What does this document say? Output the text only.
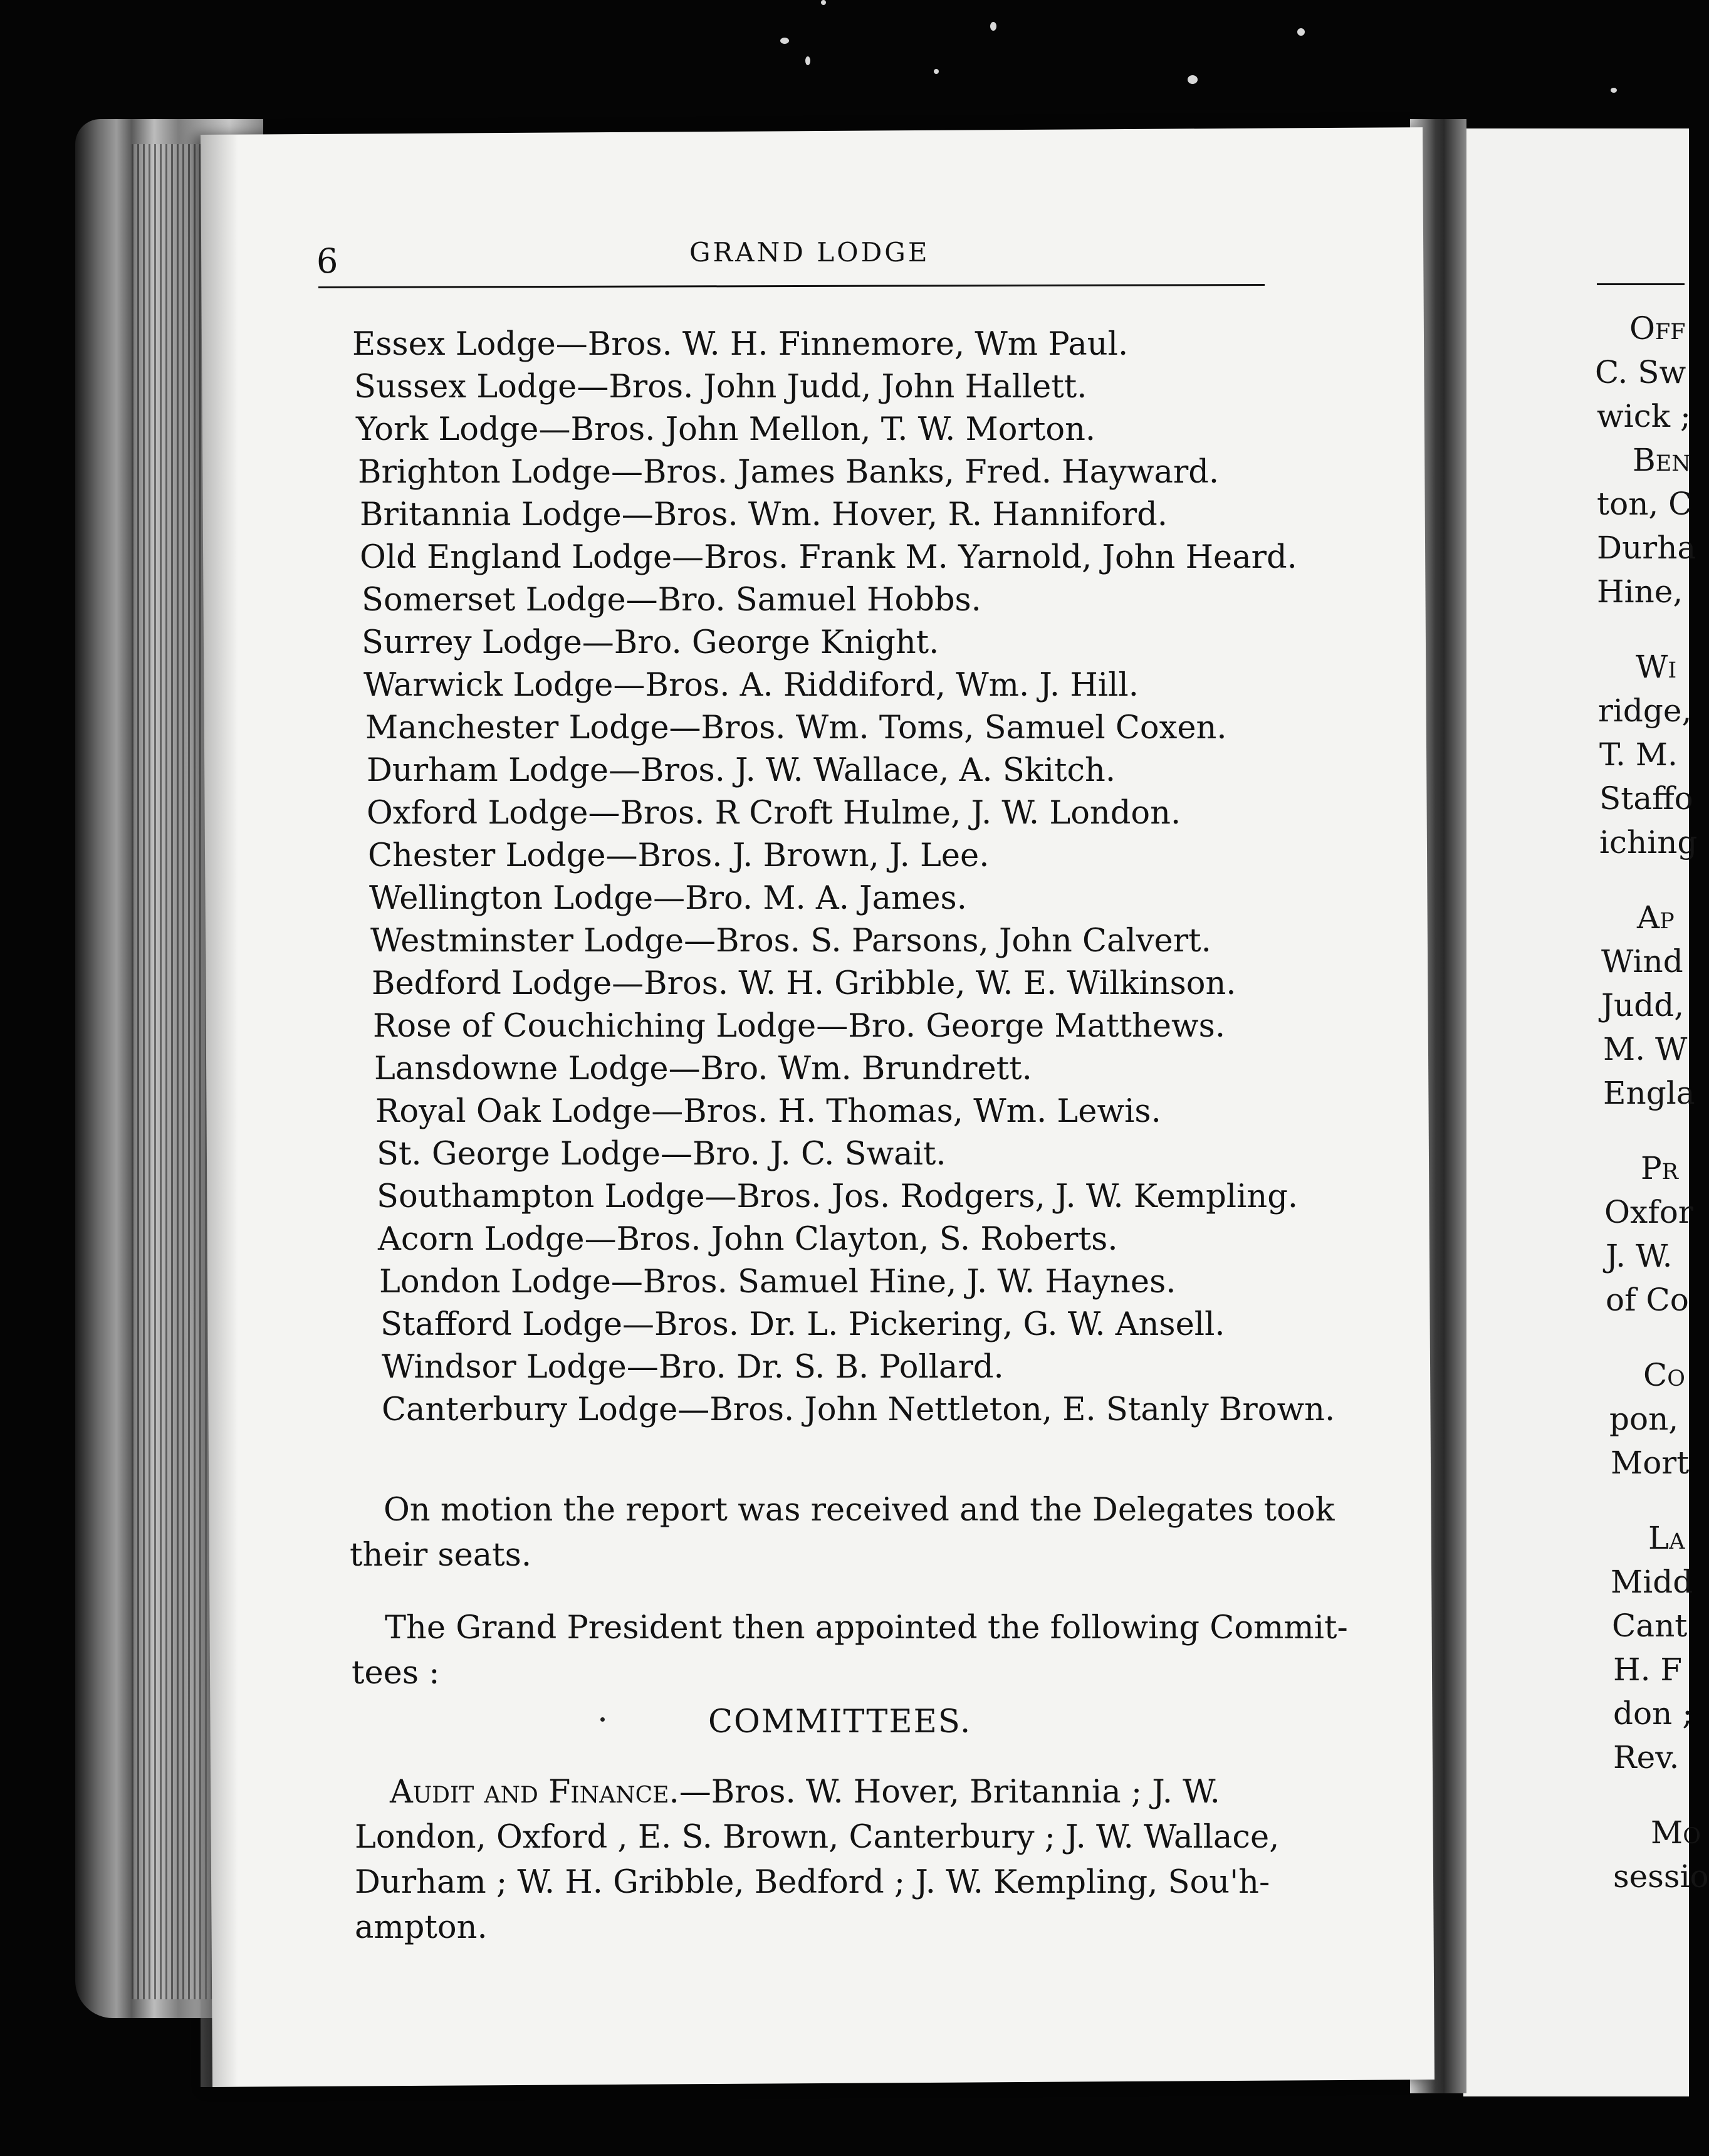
6	GRAND LODGE
Essex Lodge—Bros. W. H. Finnemore, Wm Paul.
Sussex Lodge—Bros. John Judd, John Hallett.
York Lodge—Bros. John Mellon, T. W. Morton.
Brighton Lodge—Bros. James Banks, Fred. Hayward.
Britannia Lodge—Bros. Wm. Hover, R. Hanniford.
Old England Lodge—Bros. Frank M. Yarnold, John Heard.
Somerset Lodge—Bro. Samuel Hobbs.
Surrey Lodge—Bro. George Knight.
Warwick Lodge—Bros. A. Riddiford, Wm. J. Hill.
Manchester Lodge—Bros. Wm. Toms, Samuel Coxen.
Durham Lodge—Bros. J. W. Wallace, A. Skitch.
Oxford Lodge—Bros. R Croft Hulme, J. W. London.
Chester Lodge—Bros. J. Brown, J. Lee.
Wellington Lodge—Bro. M. A. James.
Westminster Lodge—Bros. S. Parsons, John Calvert.
Bedford Lodge—Bros. W. H. Gribble, W. E. Wilkinson.
Rose of Couchiching Lodge—Bro. George Matthews.
Lansdowne Lodge—Bro. Wm. Brundrett.
Royal Oak Lodge—Bros. H. Thomas, Wm. Lewis.
St. George Lodge—Bro. J. C. Swait.
Southampton Lodge—Bros. Jos. Rodgers, J. W. Kempling.
Acorn Lodge—Bros. John Clayton, S. Roberts.
London Lodge—Bros. Samuel Hine, J. W. Haynes.
Stafford Lodge—Bros. Dr. L. Pickering, G. W. Ansell.
Windsor Lodge—Bro. Dr. S. B. Pollard.
Canterbury Lodge—Bros. John Nettleton, E. Stanly Brown.
On motion the report was received and the Delegates took
their seats.
The Grand President then appointed the following Commit-
tees :
COMMITTEES.
Audit and Finance.—Bros. W. Hover, Britannia ; J. W.
London, Oxford , E. S. Brown, Canterbury ; J. W. Wallace,
Durham ; W. H. Gribble, Bedford ; J. W. Kempling, Sou'h-
ampton.
Off
C. Sw
wick ;
Ben
ton, C
Durha
Hine,
Wi
ridge,
T. M.
Staffo
iching
Ap
Wind
Judd,
M. W
Engla
Pr
Oxfor
J. W.
of Co
Co
pon,
Mort
La
Midd
Cant
H. F
don ;
Rev.
Mo
sessio
